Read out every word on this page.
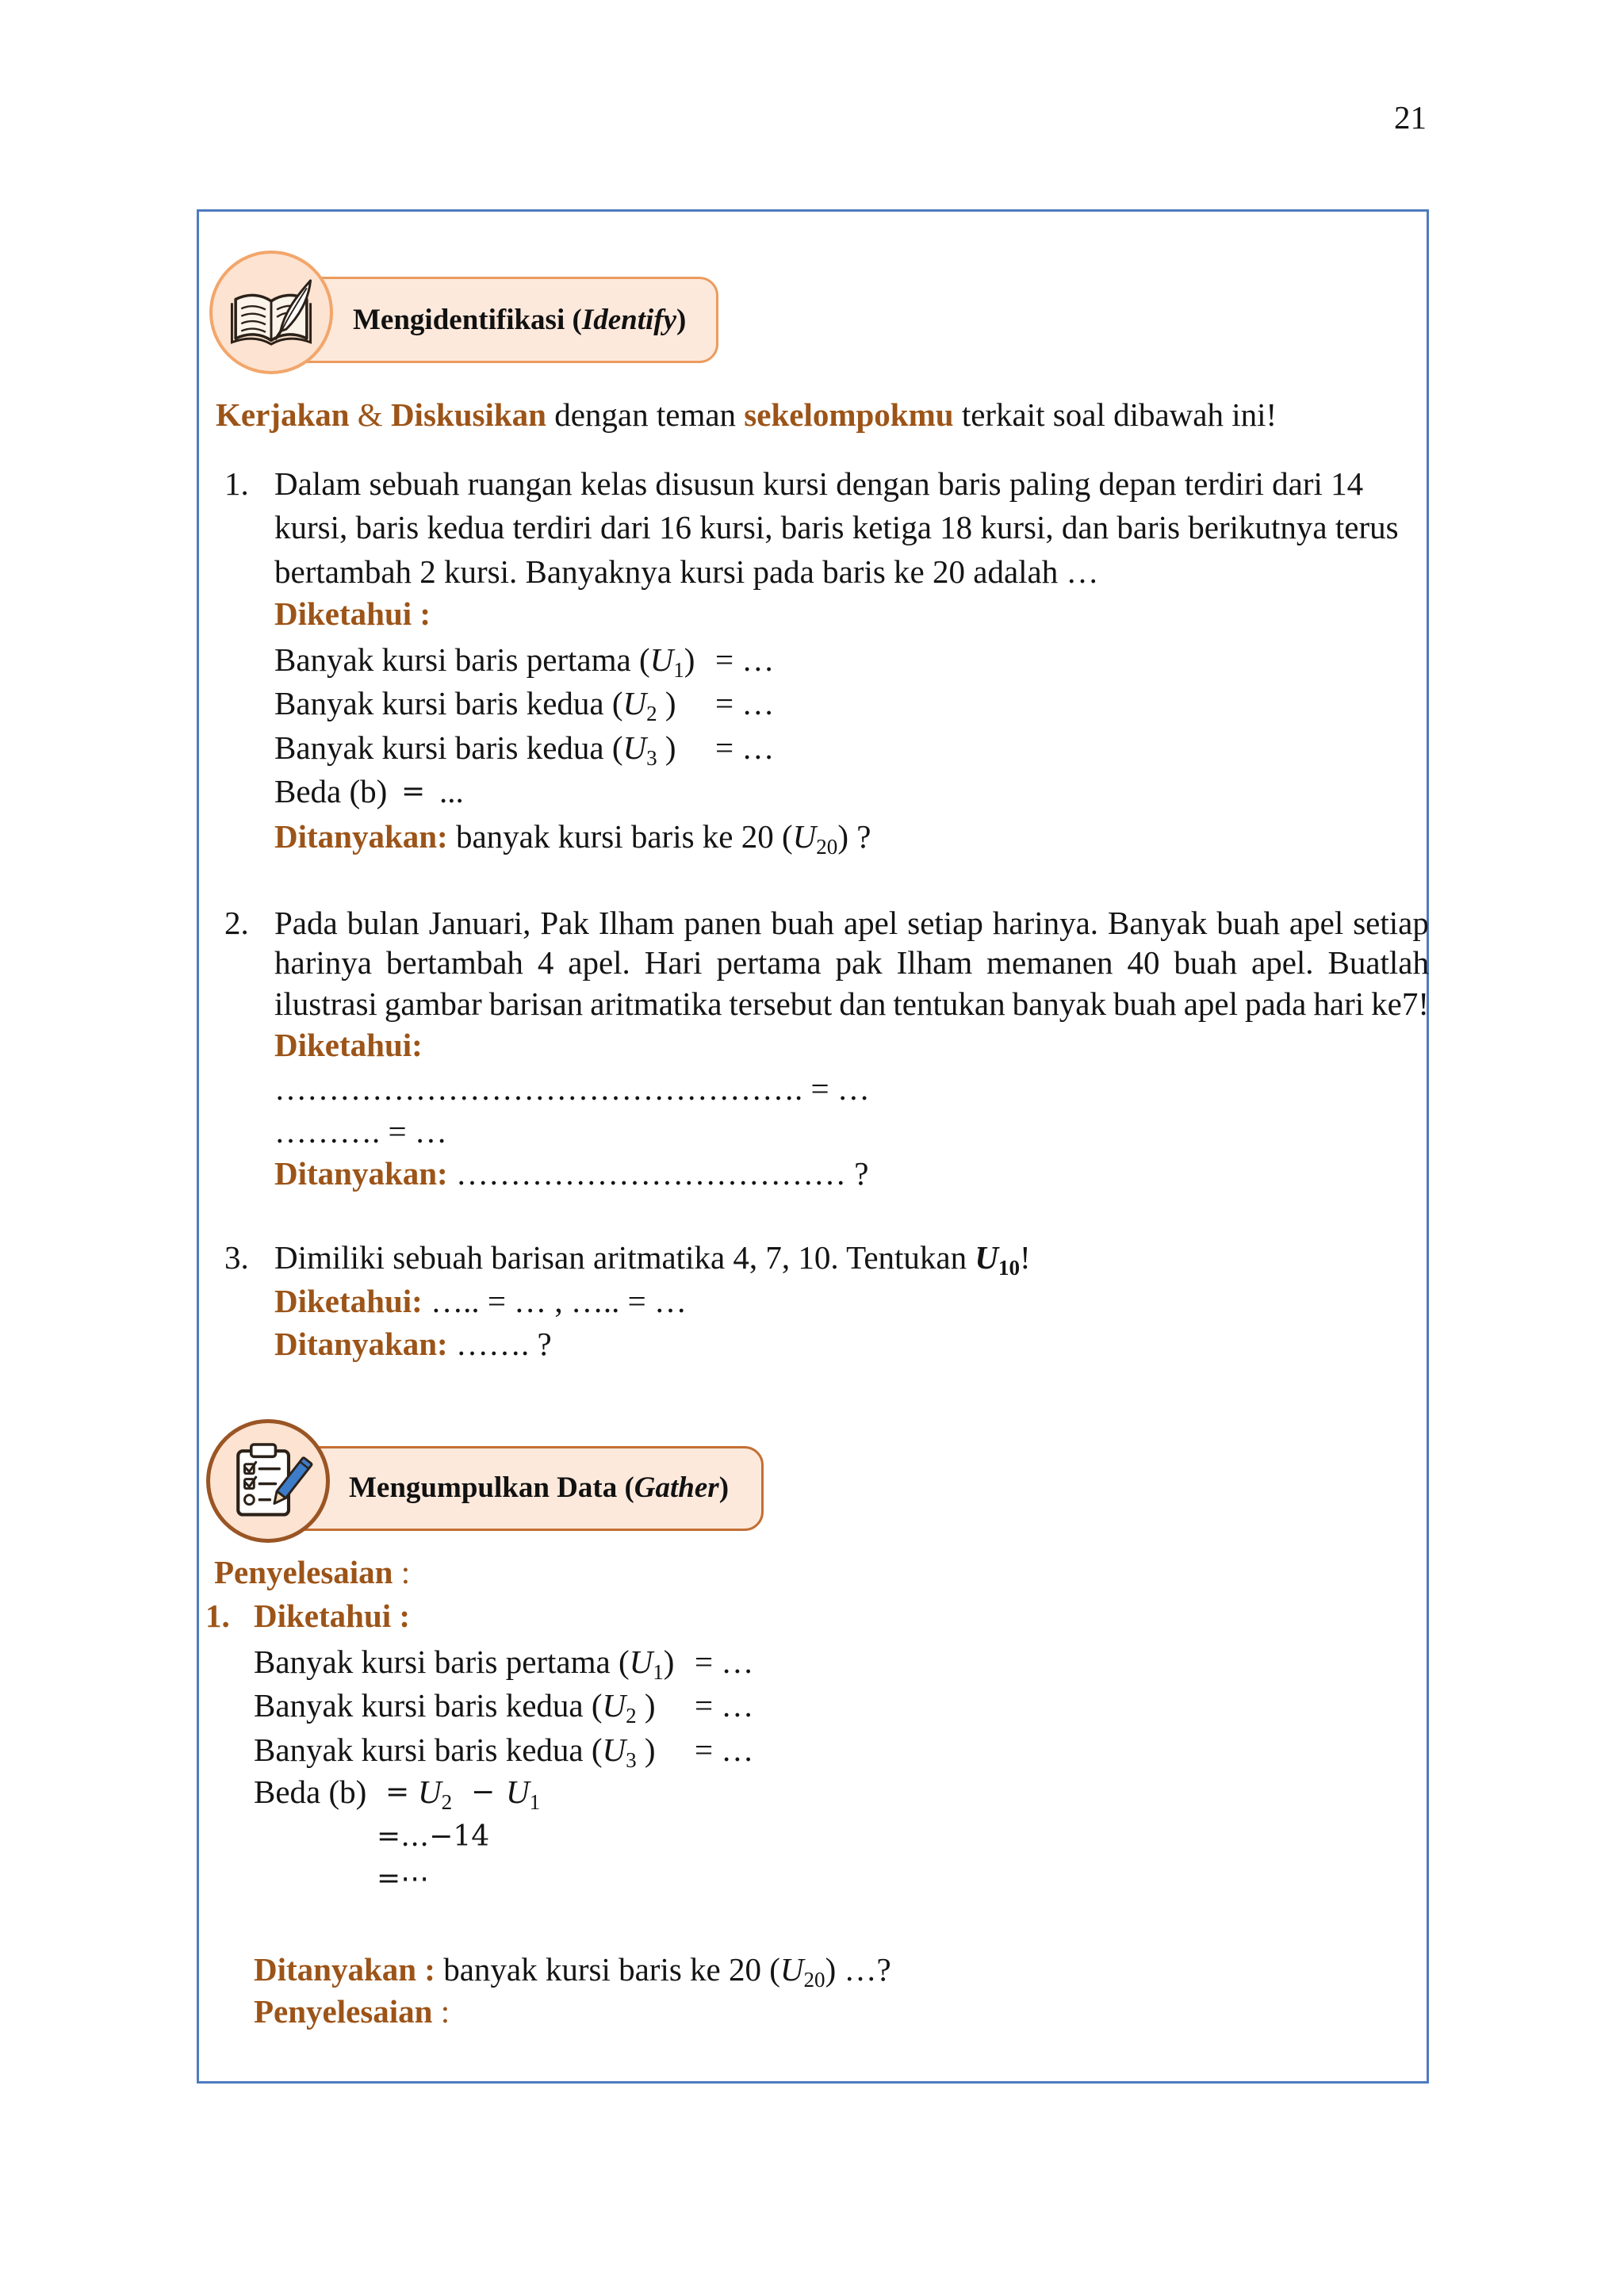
21
Mengidentifikasi (Identify)
Kerjakan & Diskusikan dengan teman sekelompokmu terkait soal dibawah ini!
1. Dalam sebuah ruangan kelas disusun kursi dengan baris paling depan terdiri dari 14
kursi, baris kedua terdiri dari 16 kursi, baris ketiga 18 kursi, dan baris berikutnya terus
bertambah 2 kursi. Banyaknya kursi pada baris ke 20 adalah …
Diketahui :
Banyak kursi baris pertama (U1) = …
Banyak kursi baris kedua (U2 ) = …
Banyak kursi baris kedua (U3 ) = …
Beda (b) = ...
Ditanyakan: banyak kursi baris ke 20 (U20) ?
2. Pada bulan Januari, Pak Ilham panen buah apel setiap harinya. Banyak buah apel setiap
harinya bertambah 4 apel. Hari pertama pak Ilham memanen 40 buah apel. Buatlah
ilustrasi gambar barisan aritmatika tersebut dan tentukan banyak buah apel pada hari ke7!
Diketahui:
…………………………………………. = …
………. = …
Ditanyakan: ……………………………… ?
3. Dimiliki sebuah barisan aritmatika 4, 7, 10. Tentukan U10!
Diketahui: ….. = … , ….. = …
Ditanyakan: ……. ?
Mengumpulkan Data (Gather)
Penyelesaian :
1. Diketahui :
Banyak kursi baris pertama (U1) = …
Banyak kursi baris kedua (U2 ) = …
Banyak kursi baris kedua (U3 ) = …
Beda (b) = U2 − U1
=…−14
=⋯
Ditanyakan : banyak kursi baris ke 20 (U20) …?
Penyelesaian :
